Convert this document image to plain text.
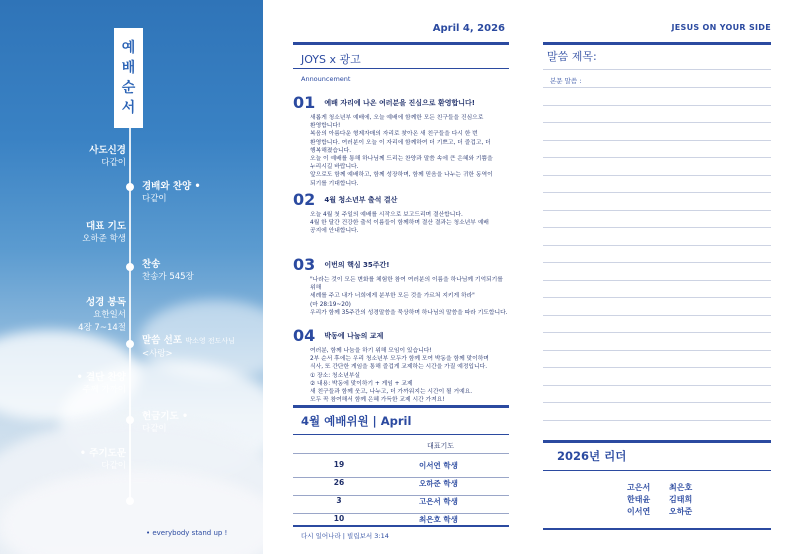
예
배
순
서
사도신경
다같이
경배와 찬양 •
다같이
대표 기도
오하준 학생
찬송
찬송가 545장
성경 봉독
요한일서
4장 7~14절
말씀 선포 박소영 전도사님
<사랑>
• 결단 찬양
주께 가까이
헌금기도 •
다같이
• 주기도문
다같이
• everybody stand up !
April 4, 2026
JOYS x 광고
Announcement
01 예배 자리에 나온 여러분을 진심으로 환영합니다!
새롭게 청소년부 예배에, 오늘 예배에 함께한 모든 친구들을 진심으로
환영합니다!
복음의 아름다운 형제자매의 자리로 찾아온 새 친구들을 다시 한 번
환영합니다. 여러분이 오늘 이 자리에 함께하여 더 기쁘고, 더 즐겁고, 더
행복해졌습니다.
오늘 이 예배를 통해 하나님께 드리는 찬양과 말씀 속에 큰 은혜와 기쁨을
누리시길 바랍니다.
앞으로도 함께 예배하고, 함께 성장하며, 함께 믿음을 나누는 귀한 동역이
되기를 기대합니다.
02 4월 청소년부 출석 결산
오늘 4월 첫 주일의 예배를 시작으로 보고드리며 결산합니다.
4월 한 달간 건강한 출석 이름들이 함께하며 결산 결과는 청소년부 예배
공지에 안내합니다.
03 이번의 핵심 35주간!
"나라는 것이 모든 변화를 체험한 참여 여러분의 이름을 하나님께 기억되기를 위해
세례를 주고 내가 너희에게 분부한 모든 것을 가르쳐 지키게 하라"
(마 28:19~20)
우리가 함께 35주간의 성경말씀을 묵상하며 하나님의 말씀을 따라 기도합니다.
04 박동에 나눔의 교제
여러분, 함께 나눔을 하기 위해 모임이 있습니다!
2부 순서 후에는 우리 청소년부 모두가 함께 모여 박동을 함께 맞이하며
식사, 또 간단한 게임을 통해 즐겁게 교제하는 시간을 가질 예정입니다.
① 장소: 청소년부실
② 내용: 박동에 맞이하기 + 게임 + 교제
새 친구들과 함께 웃고, 나누고, 더 가까워지는 시간이 될 거예요.
모두 꼭 참여해서 함께 은혜 가득한 교제 시간 가져요!
4월 예배위원 | April
대표기도
19	이서연 학생
26	오하준 학생
3	고은서 학생
10	최은호 학생
다시 일어나라 | 빌립보서 3:14
JESUS ON YOUR SIDE
말씀 제목:
본문 말씀 :
2026년 리더
고은서 최은호
한태윤 김태희
이서연 오하준
